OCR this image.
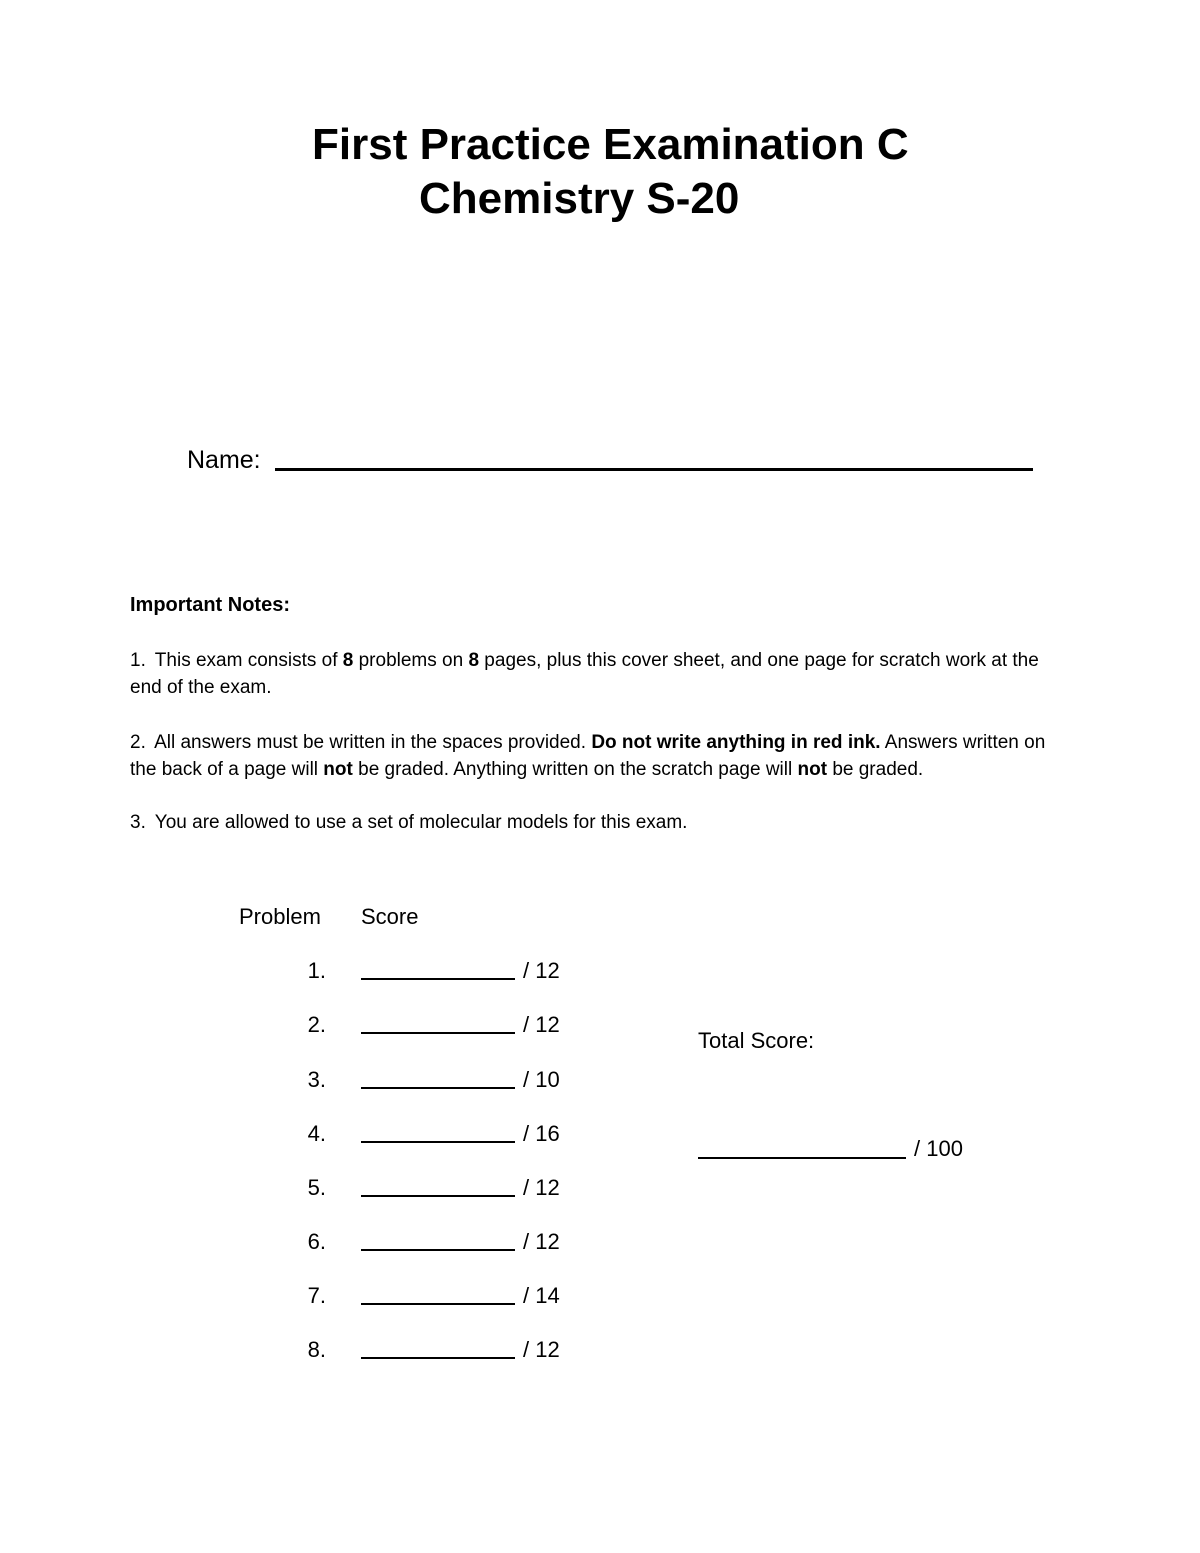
First Practice Examination C
Chemistry S-20
Name:
Important Notes:
1. This exam consists of 8 problems on 8 pages, plus this cover sheet, and one page for scratch work at the end of the exam.
2. All answers must be written in the spaces provided. Do not write anything in red ink. Answers written on the back of a page will not be graded. Anything written on the scratch page will not be graded.
3. You are allowed to use a set of molecular models for this exam.
Problem Score
1.	/ 12
2.	/ 12
3.	/ 10
4.	/ 16
5.	/ 12
6.	/ 12
7.	/ 14
8.	/ 12
Total Score:
/ 100
